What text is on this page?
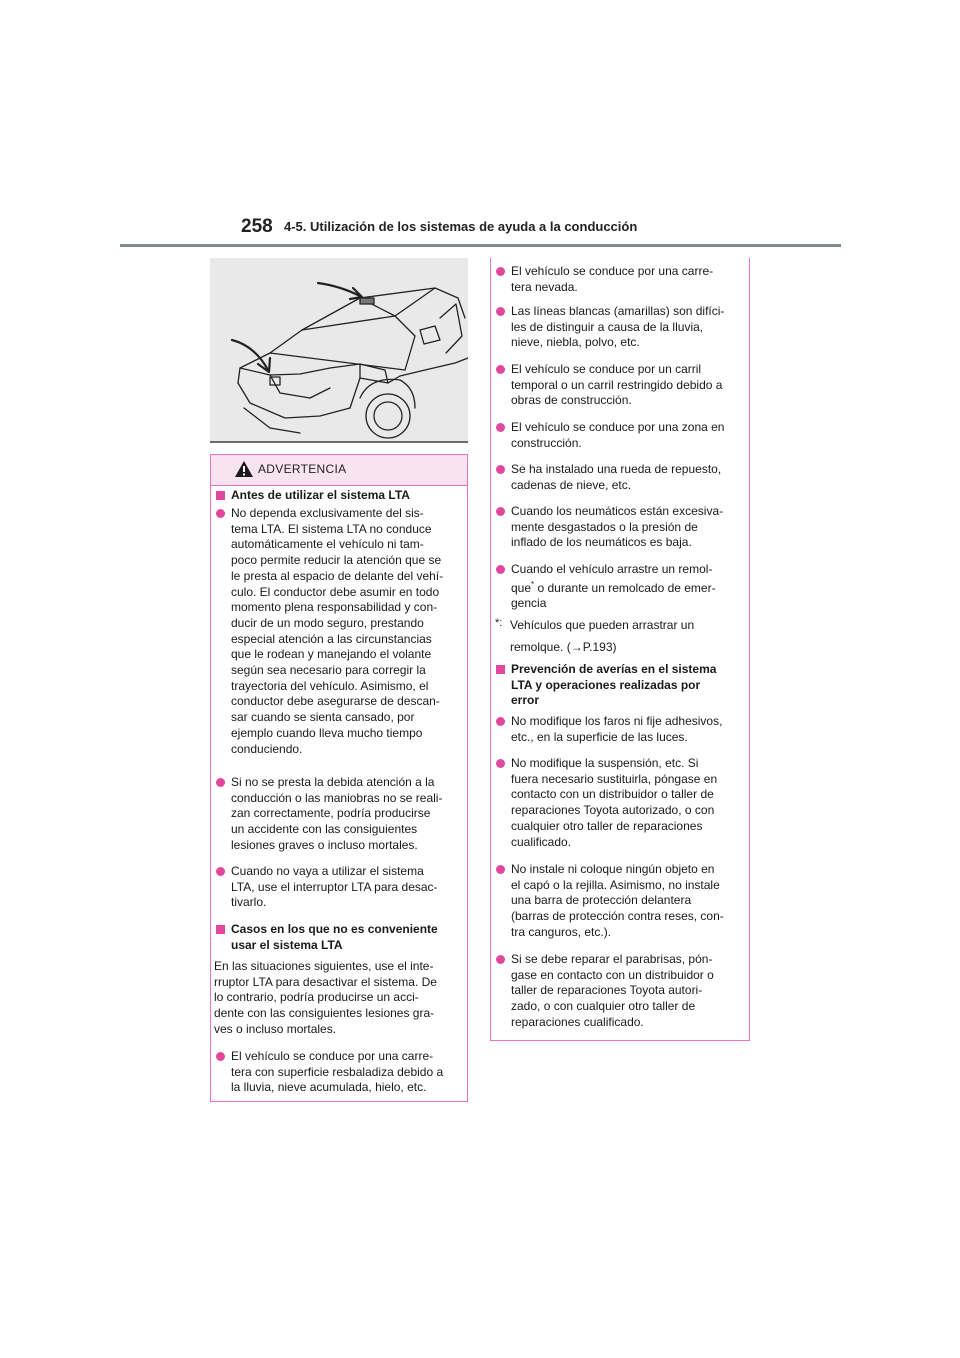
258 4-5. Utilización de los sistemas de ayuda a la conducción
ADVERTENCIA

Antes de utilizar el sistema LTA

No dependa exclusivamente del sis-
tema LTA. El sistema LTA no conduce
automáticamente el vehículo ni tam-
poco permite reducir la atención que se
le presta al espacio de delante del vehí-
culo. El conductor debe asumir en todo
momento plena responsabilidad y con-
ducir de un modo seguro, prestando
especial atención a las circunstancias
que le rodean y manejando el volante
según sea necesario para corregir la
trayectoria del vehículo. Asimismo, el
conductor debe asegurarse de descan-
sar cuando se sienta cansado, por
ejemplo cuando lleva mucho tiempo
conduciendo.
Si no se presta la debida atención a la
conducción o las maniobras no se reali-
zan correctamente, podría producirse
un accidente con las consiguientes
lesiones graves o incluso mortales.
Cuando no vaya a utilizar el sistema
LTA, use el interruptor LTA para desac-
tivarlo.
Casos en los que no es conveniente
usar el sistema LTA
En las situaciones siguientes, use el inte-
rruptor LTA para desactivar el sistema. De
lo contrario, podría producirse un acci-
dente con las consiguientes lesiones gra-
ves o incluso mortales.
El vehículo se conduce por una carre-
tera con superficie resbaladiza debido a
la lluvia, nieve acumulada, hielo, etc.
El vehículo se conduce por una carre-
tera nevada.
Las líneas blancas (amarillas) son difíci-
les de distinguir a causa de la lluvia,
nieve, niebla, polvo, etc.
El vehículo se conduce por un carril
temporal o un carril restringido debido a
obras de construcción.
El vehículo se conduce por una zona en
construcción.
Se ha instalado una rueda de repuesto,
cadenas de nieve, etc.
Cuando los neumáticos están excesiva-
mente desgastados o la presión de
inflado de los neumáticos es baja.

Cuando el vehículo arrastre un remol-

que* o durante un remolcado de emer-

gencia

*: Vehículos que pueden arrastrar un

remolque. (→P.193)

Prevención de averías en el sistema
LTA y operaciones realizadas por
error
No modifique los faros ni fije adhesivos,
etc., en la superficie de las luces.
No modifique la suspensión, etc. Si
fuera necesario sustituirla, póngase en
contacto con un distribuidor o taller de
reparaciones Toyota autorizado, o con
cualquier otro taller de reparaciones
cualificado.
No instale ni coloque ningún objeto en
el capó o la rejilla. Asimismo, no instale
una barra de protección delantera
(barras de protección contra reses, con-
tra canguros, etc.).
Si se debe reparar el parabrisas, pón-
gase en contacto con un distribuidor o
taller de reparaciones Toyota autori-
zado, o con cualquier otro taller de
reparaciones cualificado.
